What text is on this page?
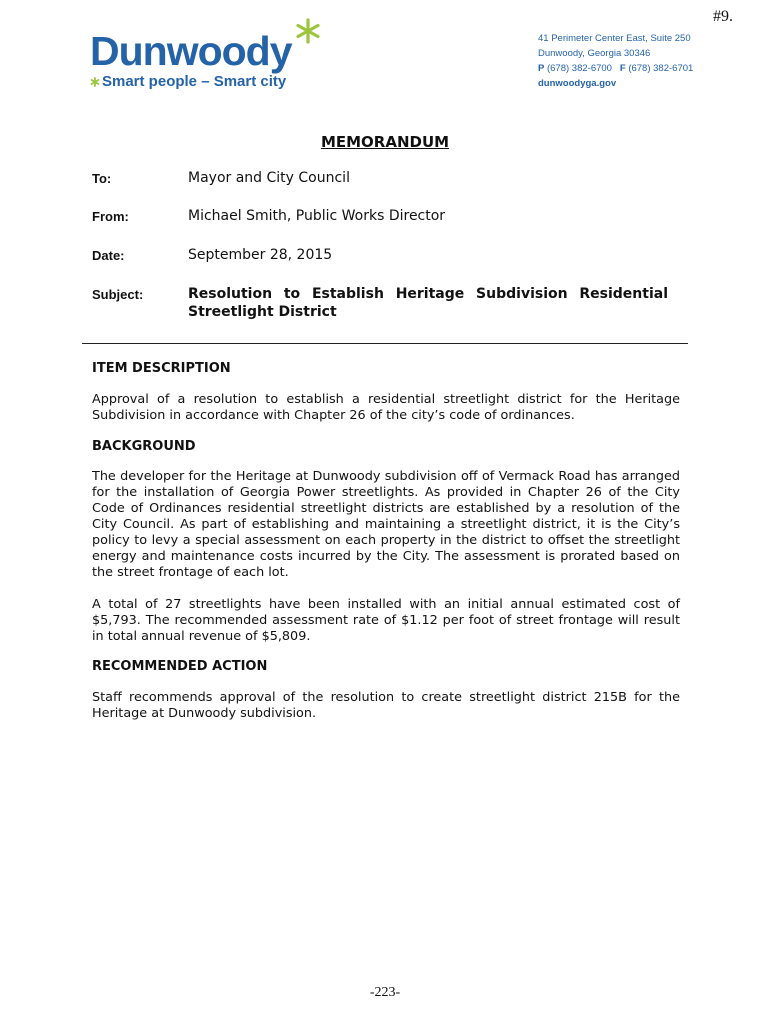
#9.
Dunwoody
Smart people – Smart city
41 Perimeter Center East, Suite 250
Dunwoody, Georgia 30346
P (678) 382-6700 F (678) 382-6701
dunwoodyga.gov
MEMORANDUM
To:	Mayor and City Council
From:	Michael Smith, Public Works Director
Date:	September 28, 2015
Subject:	Resolution to Establish Heritage Subdivision Residential Streetlight District
ITEM DESCRIPTION
Approval of a resolution to establish a residential streetlight district for the Heritage Subdivision in accordance with Chapter 26 of the city’s code of ordinances.
BACKGROUND
The developer for the Heritage at Dunwoody subdivision off of Vermack Road has arranged for the installation of Georgia Power streetlights. As provided in Chapter 26 of the City Code of Ordinances residential streetlight districts are established by a resolution of the City Council. As part of establishing and maintaining a streetlight district, it is the City’s policy to levy a special assessment on each property in the district to offset the streetlight energy and maintenance costs incurred by the City. The assessment is prorated based on the street frontage of each lot.
A total of 27 streetlights have been installed with an initial annual estimated cost of $5,793. The recommended assessment rate of $1.12 per foot of street frontage will result in total annual revenue of $5,809.
RECOMMENDED ACTION
Staff recommends approval of the resolution to create streetlight district 215B for the Heritage at Dunwoody subdivision.
-223-
